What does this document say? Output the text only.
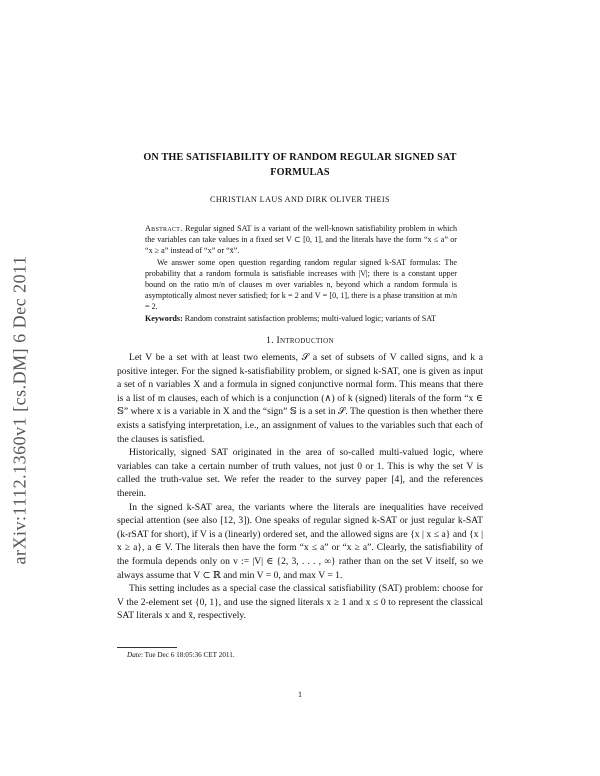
arXiv:1112.1360v1 [cs.DM] 6 Dec 2011
ON THE SATISFIABILITY OF RANDOM REGULAR SIGNED SAT
FORMULAS
CHRISTIAN LAUS AND DIRK OLIVER THEIS

Abstract. Regular signed SAT is a variant of the well-known satisfiability problem in which the variables can take values in a fixed set V ⊂ [0, 1], and the literals have the form “x ≤ a” or “x ≥ a” instead of “x” or “x̄”.

We answer some open question regarding random regular signed k-SAT formulas: The probability that a random formula is satisfiable increases with |V|; there is a constant upper bound on the ratio m/n of clauses m over variables n, beyond which a random formula is asymptotically almost never satisfied; for k = 2 and V = [0, 1], there is a phase transition at m/n = 2.

Keywords: Random constraint satisfaction problems; multi-valued logic; variants of SAT

1. Introduction

Let V be a set with at least two elements, 𝒮 a set of subsets of V called signs, and k a positive integer. For the signed k-satisfiability problem, or signed k-SAT, one is given as input a set of n variables X and a formula in signed conjunctive normal form. This means that there is a list of m clauses, each of which is a conjunction (∧) of k (signed) literals of the form “x ∈ 𝕊” where x is a variable in X and the “sign” 𝕊 is a set in 𝒮. The question is then whether there exists a satisfying interpretation, i.e., an assignment of values to the variables such that each of the clauses is satisfied.

Historically, signed SAT originated in the area of so-called multi-valued logic, where variables can take a certain number of truth values, not just 0 or 1. This is why the set V is called the truth-value set. We refer the reader to the survey paper [4], and the references therein.

In the signed k-SAT area, the variants where the literals are inequalities have received special attention (see also [12, 3]). One speaks of regular signed k-SAT or just regular k-SAT (k-rSAT for short), if V is a (linearly) ordered set, and the allowed signs are {x | x ≤ a} and {x | x ≥ a}, a ∈ V. The literals then have the form “x ≤ a” or “x ≥ a”. Clearly, the satisfiability of the formula depends only on v := |V| ∈ {2, 3, . . . , ∞} rather than on the set V itself, so we always assume that V ⊂ ℝ and min V = 0, and max V = 1.

This setting includes as a special case the classical satisfiability (SAT) problem: choose for V the 2-element set {0, 1}, and use the signed literals x ≥ 1 and x ≤ 0 to represent the classical SAT literals x and x̄, respectively.

Date: Tue Dec 6 18:05:36 CET 2011.
1
